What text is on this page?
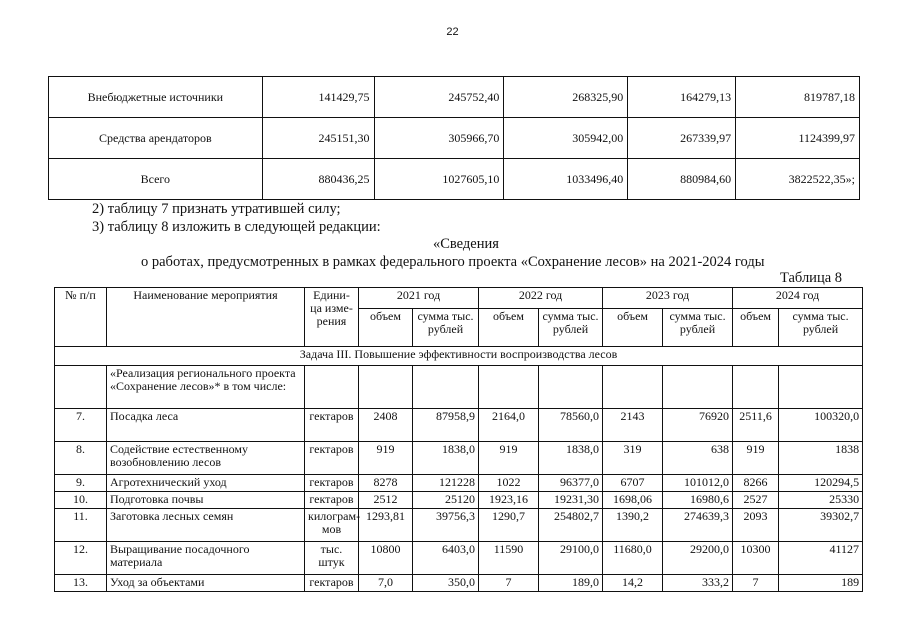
22
Внебюджетные источники	141429,75	245752,40	268325,90	164279,13	819787,18
Средства арендаторов	245151,30	305966,70	305942,00	267339,97	1124399,97
Всего	880436,25	1027605,10	1033496,40	880984,60	3822522,35»;
2) таблицу 7 признать утратившей силу;
3) таблицу 8 изложить в следующей редакции:
«Сведения
о работах, предусмотренных в рамках федерального проекта «Сохранение лесов» на 2021-2024 годы
Таблица 8
№ п/п	Наименование мероприятия	Едини- ца изме- рения	2021 год		2022 год		2023 год		2024 год	
			объем	сумма тыс. рублей	объем	сумма тыс. рублей	объем	сумма тыс. рублей	объем	сумма тыс. рублей
Задача III. Повышение эффективности воспроизводства лесов										
	«Реализация регионального проекта «Сохранение лесов»* в том числе:									
7.	Посадка леса	гектаров	2408	87958,9	2164,0	78560,0	2143	76920	2511,6	100320,0
8.	Содействие естественному возобновлению лесов	гектаров	919	1838,0	919	1838,0	319	638	919	1838
9.	Агротехнический уход	гектаров	8278	121228	1022	96377,0	6707	101012,0	8266	120294,5
10.	Подготовка почвы	гектаров	2512	25120	1923,16	19231,30	1698,06	16980,6	2527	25330
11.	Заготовка лесных семян	килограм- мов	1293,81	39756,3	1290,7	254802,7	1390,2	274639,3	2093	39302,7
12.	Выращивание посадочного материала	тыс. штук	10800	6403,0	11590	29100,0	11680,0	29200,0	10300	41127
13.	Уход за объектами	гектаров	7,0	350,0	7	189,0	14,2	333,2	7	189
